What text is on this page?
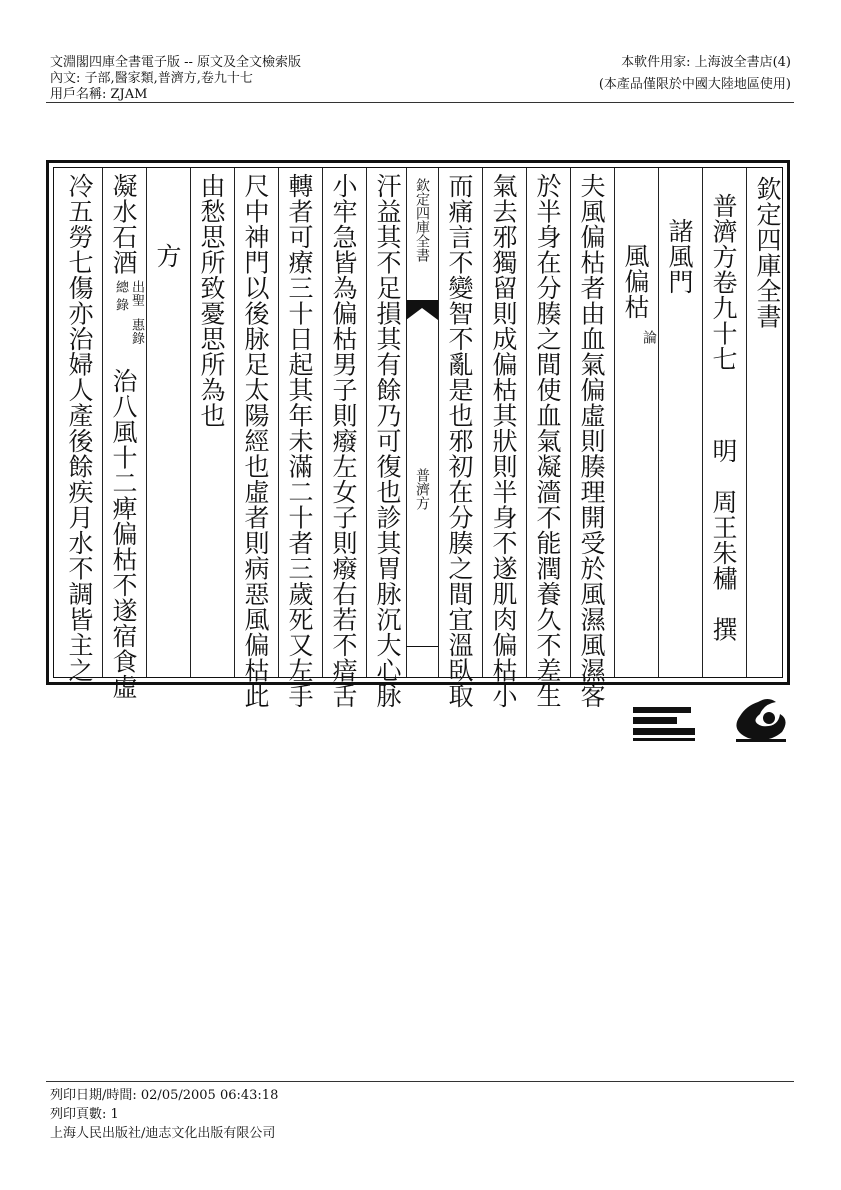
文淵閣四庫全書電子版 -- 原文及全文檢索版
內文: 子部,醫家類,普濟方,卷九十七
用戶名稱: ZJAM
本軟件用家: 上海波全書店(4)
(本產品僅限於中國大陸地區使用)
欽定四庫全書
普濟方卷九十七
明　周王朱橚　撰
諸風門
風偏枯
論
夫風偏枯者由血氣偏虛則腠理開受於風濕風濕客
於半身在分腠之間使血氣凝濇不能潤養久不差生
氣去邪獨留則成偏枯其狀則半身不遂肌肉偏枯小
而痛言不變智不亂是也邪初在分腠之間宜溫臥取
欽定四庫全書
普濟方
汗益其不足損其有餘乃可復也診其胃脉沉大心脉
小牢急皆為偏枯男子則癈左女子則癈右若不瘖舌
轉者可療三十日起其年未滿二十者三歲死又左手
尺中神門以後脉足太陽經也虛者則病惡風偏枯此
由愁思所致憂思所為也
方
凝水石酒
出聖
惠錄
總
錄
治八風十二痺偏枯不遂宿食虛
冷五勞七傷亦治婦人產後餘疾月水不調皆主之
列印日期/時間: 02/05/2005 06:43:18
列印頁數: 1
上海人民出版社/迪志文化出版有限公司
